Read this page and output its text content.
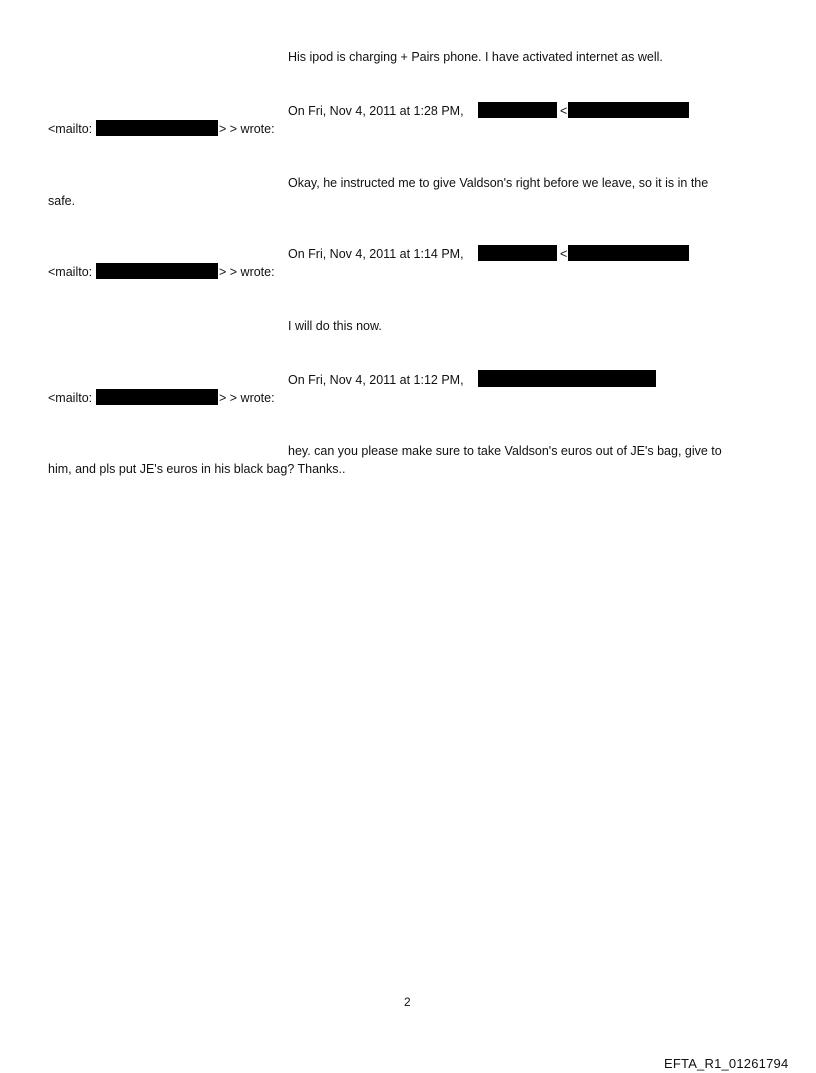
His ipod is charging + Pairs phone. I have activated internet as well.
On Fri, Nov 4, 2011 at 1:28 PM,	<
<mailto:	> > wrote:
Okay, he instructed me to give Valdson's right before we leave, so it is in the
safe.
On Fri, Nov 4, 2011 at 1:14 PM,	<
<mailto:	> > wrote:
I will do this now.
On Fri, Nov 4, 2011 at 1:12 PM,
<mailto:	> > wrote:
hey. can you please make sure to take Valdson's euros out of JE's bag, give to
him, and pls put JE's euros in his black bag? Thanks..
2
EFTA_R1_01261794
